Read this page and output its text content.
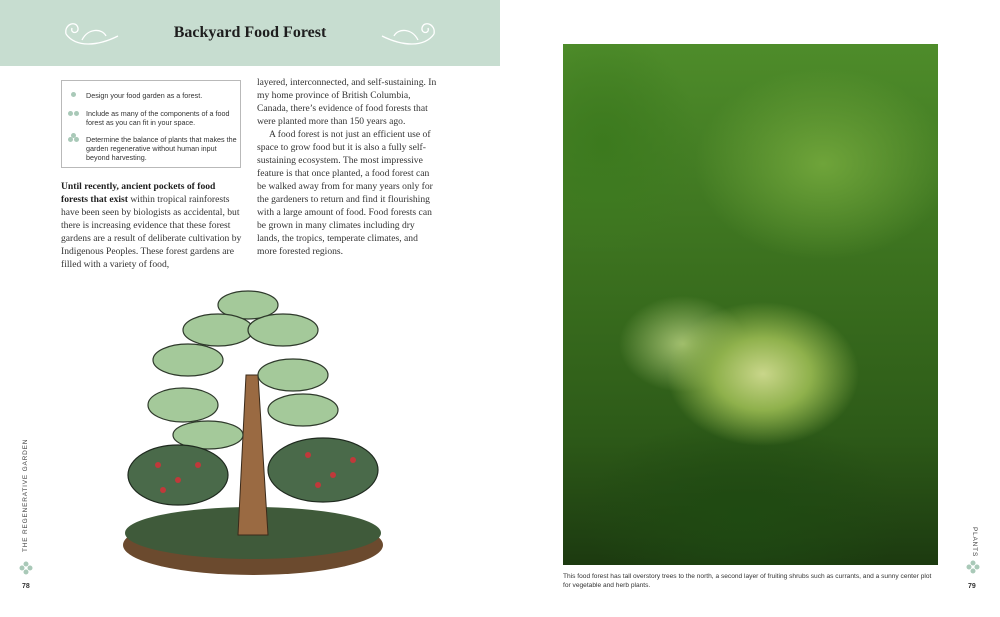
Backyard Food Forest
Design your food garden as a forest.
Include as many of the components of a food forest as you can fit in your space.
Determine the balance of plants that makes the garden regenerative without human input beyond harvesting.

Until recently, ancient pockets of food forests that exist within tropical rainforests have been seen by biologists as accidental, but there is increasing evidence that these forest gardens are a result of deliberate cultivation by Indigenous Peoples. These forest gardens are filled with a variety of food,

layered, interconnected, and self-sustaining. In my home province of British Columbia, Canada, there’s evidence of food forests that were planted more than 150 years ago.

A food forest is not just an efficient use of space to grow food but it is also a fully self-sustaining ecosystem. The most impressive feature is that once planted, a food forest can be walked away from for many years only for the gardeners to return and find it flourishing with a large amount of food. Food forests can be grown in many climates including dry lands, the tropics, temperate climates, and more forested regions.

THE REGENERATIVE GARDEN
78
This food forest has tall overstory trees to the north, a second layer of fruiting shrubs such as currants, and a sunny center plot for vegetable and herb plants.
PLANTS
79
